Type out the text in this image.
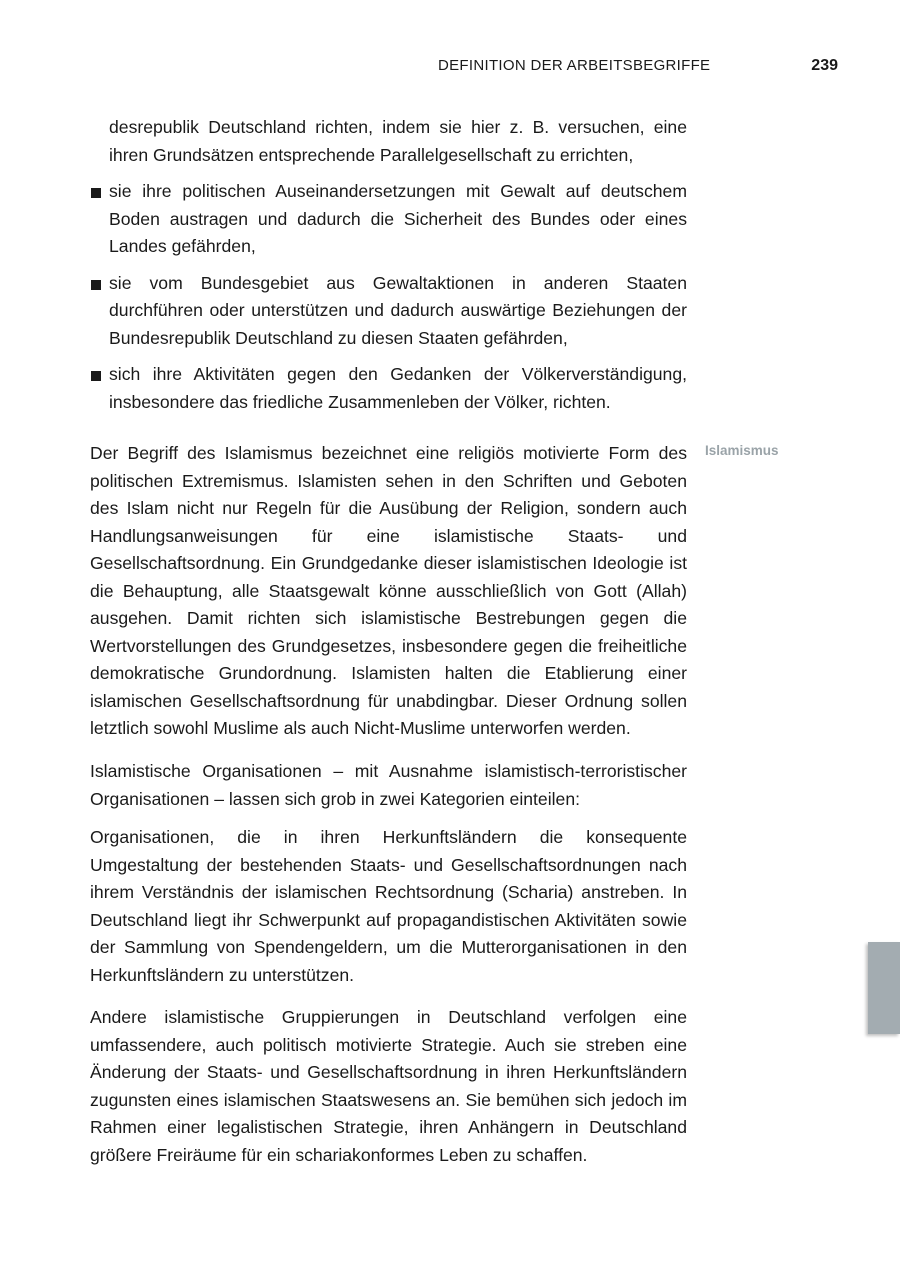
DEFINITION DER ARBEITSBEGRIFFE	239
desrepublik Deutschland richten, indem sie hier z. B. versuchen, eine ihren Grundsätzen entsprechende Parallelgesellschaft zu errichten,
sie ihre politischen Auseinandersetzungen mit Gewalt auf deutschem Boden austragen und dadurch die Sicherheit des Bundes oder eines Landes gefährden,
sie vom Bundesgebiet aus Gewaltaktionen in anderen Staaten durchführen oder unterstützen und dadurch auswärtige Beziehungen der Bundesrepublik Deutschland zu diesen Staaten gefährden,
sich ihre Aktivitäten gegen den Gedanken der Völkerverständigung, insbesondere das friedliche Zusammenleben der Völker, richten.
Islamismus

Der Begriff des Islamismus bezeichnet eine religiös motivierte Form des politischen Extremismus. Islamisten sehen in den Schriften und Geboten des Islam nicht nur Regeln für die Ausübung der Religion, sondern auch Handlungsanweisungen für eine islamistische Staats- und Gesellschaftsordnung. Ein Grundgedanke dieser islamistischen Ideologie ist die Behauptung, alle Staatsgewalt könne ausschließlich von Gott (Allah) ausgehen. Damit richten sich islamistische Bestrebungen gegen die Wertvorstellungen des Grundgesetzes, insbesondere gegen die freiheitliche demokratische Grundordnung. Islamisten halten die Etablierung einer islamischen Gesellschaftsordnung für unabdingbar. Dieser Ordnung sollen letztlich sowohl Muslime als auch Nicht-Muslime unterworfen werden.

Islamistische Organisationen – mit Ausnahme islamistisch-terroristischer Organisationen – lassen sich grob in zwei Kategorien einteilen:

Organisationen, die in ihren Herkunftsländern die konsequente Umgestaltung der bestehenden Staats- und Gesellschaftsordnungen nach ihrem Verständnis der islamischen Rechtsordnung (Scharia) anstreben. In Deutschland liegt ihr Schwerpunkt auf propagandistischen Aktivitäten sowie der Sammlung von Spendengeldern, um die Mutterorganisationen in den Herkunftsländern zu unterstützen.

Andere islamistische Gruppierungen in Deutschland verfolgen eine umfassendere, auch politisch motivierte Strategie. Auch sie streben eine Änderung der Staats- und Gesellschaftsordnung in ihren Herkunftsländern zugunsten eines islamischen Staatswesens an. Sie bemühen sich jedoch im Rahmen einer legalistischen Strategie, ihren Anhängern in Deutschland größere Freiräume für ein schariakonformes Leben zu schaffen.
